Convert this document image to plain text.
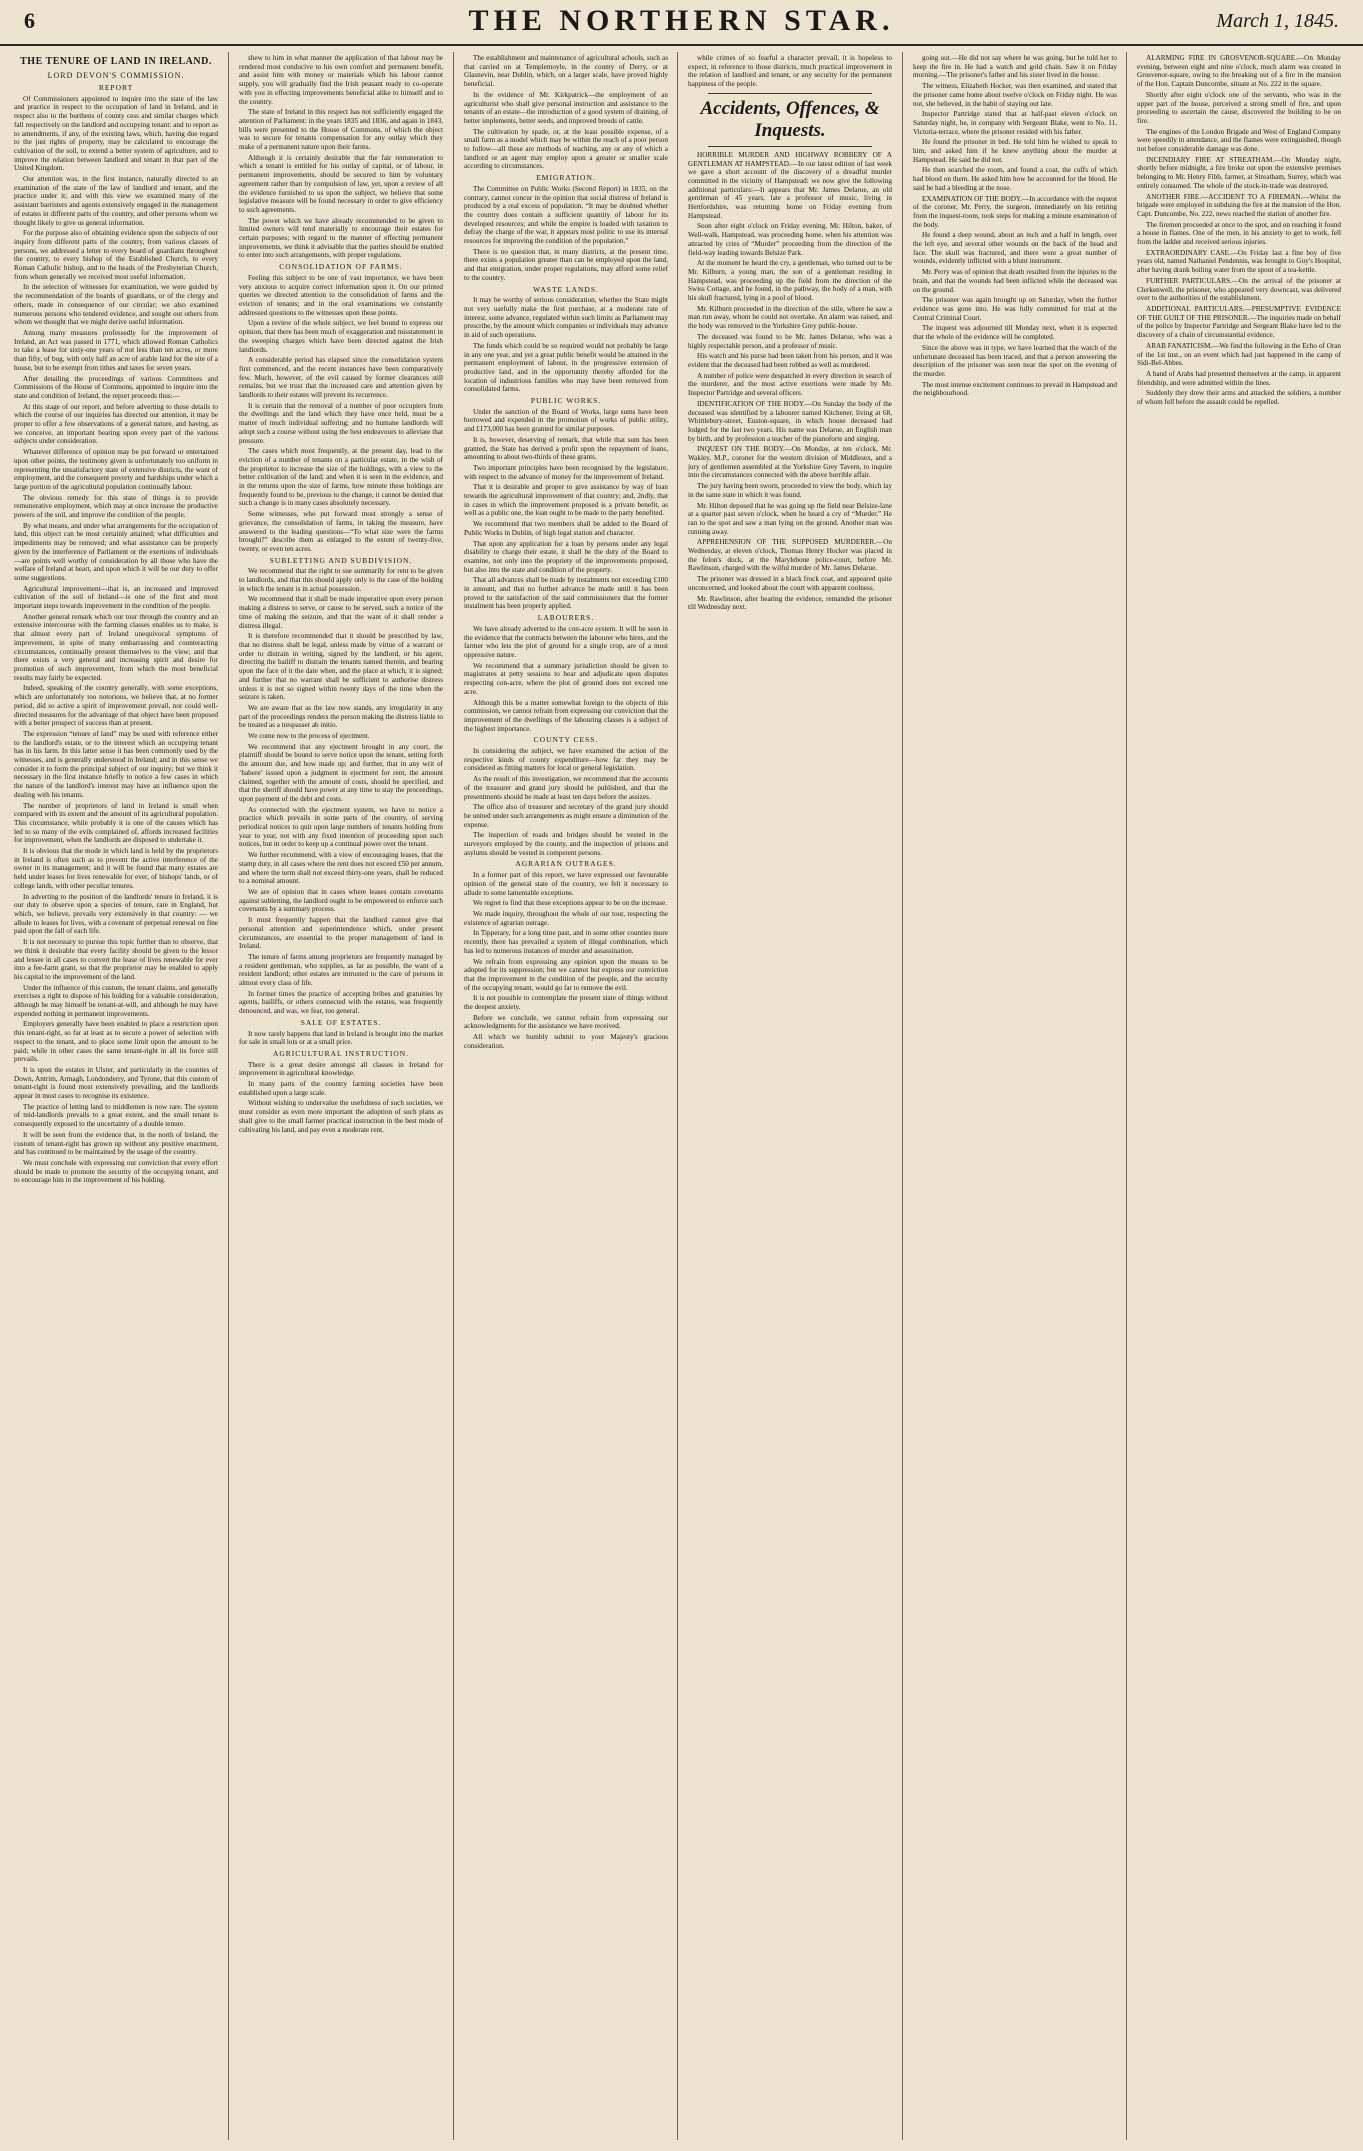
6	THE NORTHERN STAR.	March 1, 1845.
THE TENURE OF LAND IN IRELAND.
LORD DEVON'S COMMISSION.
REPORT

Of Commissioners appointed to inquire into the state of the law and practice in respect to the occupation of land in Ireland, and in respect also to the burthens of county cess and similar charges which fall respectively on the landlord and occupying tenant: and to report as to amendments, if any, of the existing laws, which, having due regard to the just rights of property, may be calculated to encourage the cultivation of the soil, to extend a better system of agriculture, and to improve the relation between landlord and tenant in that part of the United Kingdom.

Our attention was, in the first instance, naturally directed to an examination of the state of the law of landlord and tenant, and the practice under it; and with this view we examined many of the assistant barristers and agents extensively engaged in the management of estates in different parts of the country, and other persons whom we thought likely to give us general information.

For the purpose also of obtaining evidence upon the subjects of our inquiry from different parts of the country, from various classes of persons, we addressed a letter to every board of guardians throughout the country, to every bishop of the Established Church, to every Roman Catholic bishop, and to the heads of the Presbyterian Church, from whom generally we received most useful information.

In the selection of witnesses for examination, we were guided by the recommendation of the boards of guardians, or of the clergy and others, made in consequence of our circular; we also examined numerous persons who tendered evidence, and sought out others from whom we thought that we might derive useful information.

Among many measures professedly for the improvement of Ireland, an Act was passed in 1771, which allowed Roman Catholics to take a lease for sixty-one years of not less than ten acres, or more than fifty, of bog, with only half an acre of arable land for the site of a house, but to be exempt from tithes and taxes for seven years.

After detailing the proceedings of various Committees and Commissions of the House of Commons, appointed to inquire into the state and condition of Ireland, the report proceeds thus:—

At this stage of our report, and before adverting to those details to which the course of our inquiries has directed our attention, it may be proper to offer a few observations of a general nature, and having, as we conceive, an important bearing upon every part of the various subjects under consideration.

Whatever difference of opinion may be put forward or entertained upon other points, the testimony given is unfortunately too uniform in representing the unsatisfactory state of extensive districts, the want of employment, and the consequent poverty and hardships under which a large portion of the agricultural population continually labour.

The obvious remedy for this state of things is to provide remunerative employment, which may at once increase the productive powers of the soil, and improve the condition of the people.

By what means, and under what arrangements for the occupation of land, this object can be most certainly attained; what difficulties and impediments may be removed; and what assistance can be properly given by the interference of Parliament or the exertions of individuals—are points well worthy of consideration by all those who have the welfare of Ireland at heart, and upon which it will be our duty to offer some suggestions.

Agricultural improvement—that is, an increased and improved cultivation of the soil of Ireland—is one of the first and most important steps towards improvement in the condition of the people.

Another general remark which our tour through the country and an extensive intercourse with the farming classes enables us to make, is that almost every part of Ireland unequivocal symptoms of improvement, in spite of many embarrassing and counteracting circumstances, continually present themselves to the view; and that there exists a very general and increasing spirit and desire for promotion of such improvement, from which the most beneficial results may fairly be expected.

Indeed, speaking of the country generally, with some exceptions, which are unfortunately too notorious, we believe that, at no former period, did so active a spirit of improvement prevail, nor could well-directed measures for the advantage of that object have been proposed with a better prospect of success than at present.

The expression “tenure of land” may be used with reference either to the landlord's estate, or to the interest which an occupying tenant has in his farm. In this latter sense it has been commonly used by the witnesses, and is generally understood in Ireland; and in this sense we consider it to form the principal subject of our inquiry; but we think it necessary in the first instance briefly to notice a few cases in which the nature of the landlord's interest may have an influence upon the dealing with his tenants.

The number of proprietors of land in Ireland is small when compared with its extent and the amount of its agricultural population. This circumstance, while probably it is one of the causes which has led to so many of the evils complained of, affords increased facilities for improvement, when the landlords are disposed to undertake it.

It is obvious that the mode in which land is held by the proprietors in Ireland is often such as to prevent the active interference of the owner in its management; and it will be found that many estates are held under leases for lives renewable for ever, of bishops' lands, or of college lands, with other peculiar tenures.

In adverting to the position of the landlords' tenure in Ireland, it is our duty to observe upon a species of tenure, rare in England, but which, we believe, prevails very extensively in that country: — we allude to leases for lives, with a covenant of perpetual renewal on fine paid upon the fall of each life.

It is not necessary to pursue this topic further than to observe, that we think it desirable that every facility should be given to the lessor and lessee in all cases to convert the lease of lives renewable for ever into a fee-farm grant, so that the proprietor may be enabled to apply his capital to the improvement of the land.

Under the influence of this custom, the tenant claims, and generally exercises a right to dispose of his holding for a valuable consideration, although he may himself be tenant-at-will, and although he may have expended nothing in permanent improvements.

Employers generally have been enabled to place a restriction upon this tenant-right, so far at least as to secure a power of selection with respect to the tenant, and to place some limit upon the amount to be paid; while in other cases the same tenant-right in all its force still prevails.

It is upon the estates in Ulster, and particularly in the counties of Down, Antrim, Armagh, Londonderry, and Tyrone, that this custom of tenant-right is found most extensively prevailing, and the landlords appear in most cases to recognise its existence.

The practice of letting land to middlemen is now rare. The system of mid-landlords prevails to a great extent, and the small tenant is consequently exposed to the uncertainty of a double tenure.

It will be seen from the evidence that, in the north of Ireland, the custom of tenant-right has grown up without any positive enactment, and has continued to be maintained by the usage of the country.

We must conclude with expressing our conviction that every effort should be made to promote the security of the occupying tenant, and to encourage him in the improvement of his holding.

shew to him in what manner the application of that labour may be rendered most conducive to his own comfort and permanent benefit, and assist him with money or materials which his labour cannot supply, you will gradually find the Irish peasant ready to co-operate with you in effecting improvements beneficial alike to himself and to the country.

The state of Ireland in this respect has not sufficiently engaged the attention of Parliament: in the years 1835 and 1836, and again in 1843, bills were presented to the House of Commons, of which the object was to secure for tenants compensation for any outlay which they make of a permanent nature upon their farms.

Although it is certainly desirable that the fair remuneration to which a tenant is entitled for his outlay of capital, or of labour, in permanent improvements, should be secured to him by voluntary agreement rather than by compulsion of law, yet, upon a review of all the evidence furnished to us upon the subject, we believe that some legislative measure will be found necessary in order to give efficiency to such agreements.

The power which we have already recommended to be given to limited owners will tend materially to encourage their estates for certain purposes; with regard to the manner of effecting permanent improvements, we think it advisable that the parties should be enabled to enter into such arrangements, with proper regulations.

CONSOLIDATION OF FARMS.

Feeling this subject to be one of vast importance, we have been very anxious to acquire correct information upon it. On our printed queries we directed attention to the consolidation of farms and the eviction of tenants; and in the oral examinations we constantly addressed questions to the witnesses upon these points.

Upon a review of the whole subject, we feel bound to express our opinion, that there has been much of exaggeration and misstatement in the sweeping charges which have been directed against the Irish landlords.

A considerable period has elapsed since the consolidation system first commenced, and the recent instances have been comparatively few. Much, however, of the evil caused by former clearances still remains, but we trust that the increased care and attention given by landlords to their estates will prevent its recurrence.

It is certain that the removal of a number of poor occupiers from the dwellings and the land which they have once held, must be a matter of much individual suffering; and no humane landlords will adopt such a course without using the best endeavours to alleviate that pressure.

The cases which most frequently, at the present day, lead to the eviction of a number of tenants on a particular estate, in the wish of the proprietor to increase the size of the holdings, with a view to the better cultivation of the land; and when it is seen in the evidence, and in the returns upon the size of farms, how minute these holdings are frequently found to be, previous to the change, it cannot be denied that such a change is in many cases absolutely necessary.

Some witnesses, who put forward most strongly a sense of grievance, the consolidation of farms, in taking the measure, have answered to the leading questions—“To what size were the farms brought?” describe them as enlarged to the extent of twenty-five, twenty, or even ten acres.

SUBLETTING AND SUBDIVISION.

We recommend that the right to sue summarily for rent to be given to landlords, and that this should apply only to the case of the holding in which the tenant is in actual possession.

We recommend that it shall be made imperative upon every person making a distress to serve, or cause to be served, such a notice of the time of making the seizure, and that the want of it shall render a distress illegal.

It is therefore recommended that it should be prescribed by law, that no distress shall be legal, unless made by virtue of a warrant or order to distrain in writing, signed by the landlord, or his agent, directing the bailiff to distrain the tenants named therein, and bearing upon the face of it the date when, and the place at which, it is signed; and further that no warrant shall be sufficient to authorise distress unless it is not so signed within twenty days of the time when the seizure is taken.

We are aware that as the law now stands, any irregularity in any part of the proceedings renders the person making the distress liable to be treated as a trespasser ab initio.

We come now to the process of ejectment.

We recommend that any ejectment brought in any court, the plaintiff should be bound to serve notice upon the tenant, setting forth the amount due, and how made up; and further, that in any writ of ‘habere’ issued upon a judgment in ejectment for rent, the amount claimed, together with the amount of costs, should be specified, and that the sheriff should have power at any time to stay the proceedings, upon payment of the debt and costs.

As connected with the ejectment system, we have to notice a practice which prevails in some parts of the country, of serving periodical notices to quit upon large numbers of tenants holding from year to year, not with any fixed intention of proceeding upon such notices, but in order to keep up a continual power over the tenant.

We further recommend, with a view of encouraging leases, that the stamp duty, in all cases where the rent does not exceed £50 per annum, and where the term shall not exceed thirty-one years, shall be reduced to a nominal amount.

We are of opinion that in cases where leases contain covenants against subletting, the landlord ought to be empowered to enforce such covenants by a summary process.

It must frequently happen that the landlord cannot give that personal attention and superintendence which, under present circumstances, are essential to the proper management of land in Ireland.

The tenure of farms among proprietors are frequently managed by a resident gentleman, who supplies, as far as possible, the want of a resident landlord; other estates are intrusted to the care of persons in almost every class of life.

In former times the practice of accepting bribes and gratuities by agents, bailiffs, or others connected with the estates, was frequently denounced, and was, we fear, too general.

SALE OF ESTATES.

It now rarely happens that land in Ireland is brought into the market for sale in small lots or at a small price.

AGRICULTURAL INSTRUCTION.

There is a great desire amongst all classes in Ireland for improvement in agricultural knowledge.

In many parts of the country farming societies have been established upon a large scale.

Without wishing to undervalue the usefulness of such societies, we must consider as even more important the adoption of such plans as shall give to the small farmer practical instruction in the best mode of cultivating his land, and pay even a moderate rent.

The establishment and maintenance of agricultural schools, such as that carried on at Templemoyle, in the county of Derry, or at Glasnevin, near Dublin, which, on a larger scale, have proved highly beneficial.

In the evidence of Mr. Kirkpatrick—the employment of an agriculturist who shall give personal instruction and assistance to the tenants of an estate—the introduction of a good system of draining, of better implements, better seeds, and improved breeds of cattle.

The cultivation by spade, or, at the least possible expense, of a small farm as a model which may be within the reach of a poor person to follow—all these are methods of teaching, any or any of which a landlord or an agent may employ upon a greater or smaller scale according to circumstances.

EMIGRATION.

The Committee on Public Works (Second Report) in 1835, on the contrary, cannot concur in the opinion that social distress of Ireland is produced by a real excess of population. “It may be doubted whether the country does contain a sufficient quantity of labour for its developed resources; and while the empire is loaded with taxation to defray the charge of the war, it appears most politic to use its internal resources for improving the condition of the population.”

There is no question that, in many districts, at the present time, there exists a population greater than can be employed upon the land, and that emigration, under proper regulations, may afford some relief to the country.

WASTE LANDS.

It may be worthy of serious consideration, whether the State might not very usefully make the first purchase, at a moderate rate of interest, some advance, regulated within such limits as Parliament may prescribe, by the amount which companies or individuals may advance in aid of such operations.

The funds which could be so required would not probably be large in any one year, and yet a great public benefit would be attained in the permanent employment of labour, in the progressive extension of productive land, and in the opportunity thereby afforded for the location of industrious families who may have been removed from consolidated farms.

PUBLIC WORKS.

Under the sanction of the Board of Works, large sums have been borrowed and expended in the promotion of works of public utility, and £173,000 has been granted for similar purposes.

It is, however, deserving of remark, that while that sum has been granted, the State has derived a profit upon the repayment of loans, amounting to about two-thirds of these grants.

Two important principles have been recognised by the legislature, with respect to the advance of money for the improvement of Ireland.

That it is desirable and proper to give assistance by way of loan towards the agricultural improvement of that country; and, 2ndly, that in cases in which the improvement proposed is a private benefit, as well as a public one, the loan ought to be made to the party benefited.

We recommend that two members shall be added to the Board of Public Works in Dublin, of high legal station and character.

That upon any application for a loan by persons under any legal disability to charge their estate, it shall be the duty of the Board to examine, not only into the propriety of the improvements proposed, but also into the state and condition of the property.

That all advances shall be made by instalments not exceeding £100 in amount, and that no further advance be made until it has been proved to the satisfaction of the said commissioners that the former instalment has been properly applied.

LABOURERS.

We have already adverted to the con-acre system. It will be seen in the evidence that the contracts between the labourer who hires, and the farmer who lets the plot of ground for a single crop, are of a most oppressive nature.

We recommend that a summary jurisdiction should be given to magistrates at petty sessions to hear and adjudicate upon disputes respecting con-acre, where the plot of ground does not exceed one acre.

Although this be a matter somewhat foreign to the objects of this commission, we cannot refrain from expressing our conviction that the improvement of the dwellings of the labouring classes is a subject of the highest importance.

COUNTY CESS.

In considering the subject, we have examined the action of the respective kinds of county expenditure—how far they may be considered as fitting matters for local or general legislation.

As the result of this investigation, we recommend that the accounts of the treasurer and grand jury should be published, and that the presentments should be made at least ten days before the assizes.

The office also of treasurer and secretary of the grand jury should be united under such arrangements as might ensure a diminution of the expense.

The inspection of roads and bridges should be vested in the surveyors employed by the county, and the inspection of prisons and asylums should be vested in competent persons.

AGRARIAN OUTRAGES.

In a former part of this report, we have expressed our favourable opinion of the general state of the country, we felt it necessary to allude to some lamentable exceptions.

We regret to find that these exceptions appear to be on the increase.

We made inquiry, throughout the whole of our tour, respecting the existence of agrarian outrage.

In Tipperary, for a long time past, and in some other counties more recently, there has prevailed a system of illegal combination, which has led to numerous instances of murder and assassination.

We refrain from expressing any opinion upon the means to be adopted for its suppression; but we cannot but express our conviction that the improvement in the condition of the people, and the security of the occupying tenant, would go far to remove the evil.

It is not possible to contemplate the present state of things without the deepest anxiety.

Before we conclude, we cannot refrain from expressing our acknowledgments for the assistance we have received.

All which we humbly submit to your Majesty's gracious consideration.

while crimes of so fearful a character prevail, it is hopeless to expect, in reference to those districts, much practical improvement in the relation of landlord and tenant, or any security for the permanent happiness of the people.

Accidents, Offences, & Inquests.

HORRIBLE MURDER AND HIGHWAY ROBBERY OF A GENTLEMAN AT HAMPSTEAD.—In our latest edition of last week we gave a short account of the discovery of a dreadful murder committed in the vicinity of Hampstead: we now give the following additional particulars:—It appears that Mr. James Delarue, an old gentleman of 45 years, late a professor of music, living in Hertfordshire, was returning home on Friday evening from Hampstead.

Soon after eight o'clock on Friday evening, Mr. Hilton, baker, of Well-walk, Hampstead, was proceeding home, when his attention was attracted by cries of “Murder” proceeding from the direction of the field-way leading towards Belsize Park.

At the moment he heard the cry, a gentleman, who turned out to be Mr. Kilburn, a young man, the son of a gentleman residing in Hampstead, was proceeding up the field from the direction of the Swiss Cottage, and he found, in the pathway, the body of a man, with his skull fractured, lying in a pool of blood.

Mr. Kilburn proceeded in the direction of the stile, where he saw a man run away, whom he could not overtake. An alarm was raised, and the body was removed to the Yorkshire Grey public-house.

The deceased was found to be Mr. James Delarue, who was a highly respectable person, and a professor of music.

His watch and his purse had been taken from his person, and it was evident that the deceased had been robbed as well as murdered.

A number of police were despatched in every direction in search of the murderer, and the most active exertions were made by Mr. Inspector Partridge and several officers.

IDENTIFICATION OF THE BODY.—On Sunday the body of the deceased was identified by a labourer named Kitchener, living at 68, Whittlebury-street, Euston-square, in which house deceased had lodged for the last two years. His name was Delarue, an English man by birth, and by profession a teacher of the pianoforte and singing.

INQUEST ON THE BODY.—On Monday, at ten o'clock, Mr. Wakley, M.P., coroner for the western division of Middlesex, and a jury of gentlemen assembled at the Yorkshire Grey Tavern, to inquire into the circumstances connected with the above horrible affair.

The jury having been sworn, proceeded to view the body, which lay in the same state in which it was found.

Mr. Hilton deposed that he was going up the field near Belsize-lane at a quarter past seven o'clock, when he heard a cry of “Murder.” He ran to the spot and saw a man lying on the ground. Another man was running away.

APPREHENSION OF THE SUPPOSED MURDERER.—On Wednesday, at eleven o'clock, Thomas Henry Hocker was placed in the felon's dock, at the Marylebone police-court, before Mr. Rawlinson, charged with the wilful murder of Mr. James Delarue.

The prisoner was dressed in a black frock coat, and appeared quite unconcerned, and looked about the court with apparent coolness.

Mr. Rawlinson, after hearing the evidence, remanded the prisoner till Wednesday next.

going out.—He did not say where he was going, but he told her to keep the fire in. He had a watch and gold chain. Saw it on Friday morning.—The prisoner's father and his sister lived in the house.

The witness, Elizabeth Hocker, was then examined, and stated that the prisoner came home about twelve o'clock on Friday night. He was not, she believed, in the habit of staying out late.

Inspector Partridge stated that at half-past eleven o'clock on Saturday night, he, in company with Sergeant Blake, went to No. 11, Victoria-terrace, where the prisoner resided with his father.

He found the prisoner in bed. He told him he wished to speak to him, and asked him if he knew anything about the murder at Hampstead. He said he did not.

He then searched the room, and found a coat, the cuffs of which had blood on them. He asked him how he accounted for the blood. He said he had a bleeding at the nose.

EXAMINATION OF THE BODY.—In accordance with the request of the coroner, Mr. Perry, the surgeon, immediately on his retiring from the inquest-room, took steps for making a minute examination of the body.

He found a deep wound, about an inch and a half in length, over the left eye, and several other wounds on the back of the head and face. The skull was fractured, and there were a great number of wounds, evidently inflicted with a blunt instrument.

Mr. Perry was of opinion that death resulted from the injuries to the brain, and that the wounds had been inflicted while the deceased was on the ground.

The prisoner was again brought up on Saturday, when the further evidence was gone into. He was fully committed for trial at the Central Criminal Court.

The inquest was adjourned till Monday next, when it is expected that the whole of the evidence will be completed.

Since the above was in type, we have learned that the watch of the unfortunate deceased has been traced, and that a person answering the description of the prisoner was seen near the spot on the evening of the murder.

The most intense excitement continues to prevail in Hampstead and the neighbourhood.

ALARMING FIRE IN GROSVENOR-SQUARE.—On Monday evening, between eight and nine o'clock, much alarm was created in Grosvenor-square, owing to the breaking out of a fire in the mansion of the Hon. Captain Duncombe, situate at No. 222 in the square.

Shortly after eight o'clock one of the servants, who was in the upper part of the house, perceived a strong smell of fire, and upon proceeding to ascertain the cause, discovered the building to be on fire.

The engines of the London Brigade and West of England Company were speedily in attendance, and the flames were extinguished, though not before considerable damage was done.

INCENDIARY FIRE AT STREATHAM.—On Monday night, shortly before midnight, a fire broke out upon the extensive premises belonging to Mr. Henry Fibb, farmer, at Streatham, Surrey, which was entirely consumed. The whole of the stock-in-trade was destroyed.

ANOTHER FIRE.—ACCIDENT TO A FIREMAN.—Whilst the brigade were employed in subduing the fire at the mansion of the Hon. Capt. Duncombe, No. 222, news reached the station of another fire.

The firemen proceeded at once to the spot, and on reaching it found a house in flames. One of the men, in his anxiety to get to work, fell from the ladder and received serious injuries.

EXTRAORDINARY CASE.—On Friday last a fine boy of five years old, named Nathaniel Pendennis, was brought to Guy's Hospital, after having drank boiling water from the spout of a tea-kettle.

FURTHER PARTICULARS.—On the arrival of the prisoner at Clerkenwell, the prisoner, who appeared very downcast, was delivered over to the authorities of the establishment.

ADDITIONAL PARTICULARS.—PRESUMPTIVE EVIDENCE OF THE GUILT OF THE PRISONER.—The inquiries made on behalf of the police by Inspector Partridge and Sergeant Blake have led to the discovery of a chain of circumstantial evidence.

ARAB FANATICISM.—We find the following in the Echo of Oran of the 1st inst., on an event which had just happened in the camp of Sidi-Bel-Abbes.

A band of Arabs had presented themselves at the camp, in apparent friendship, and were admitted within the lines.

Suddenly they drew their arms and attacked the soldiers, a number of whom fell before the assault could be repelled.
